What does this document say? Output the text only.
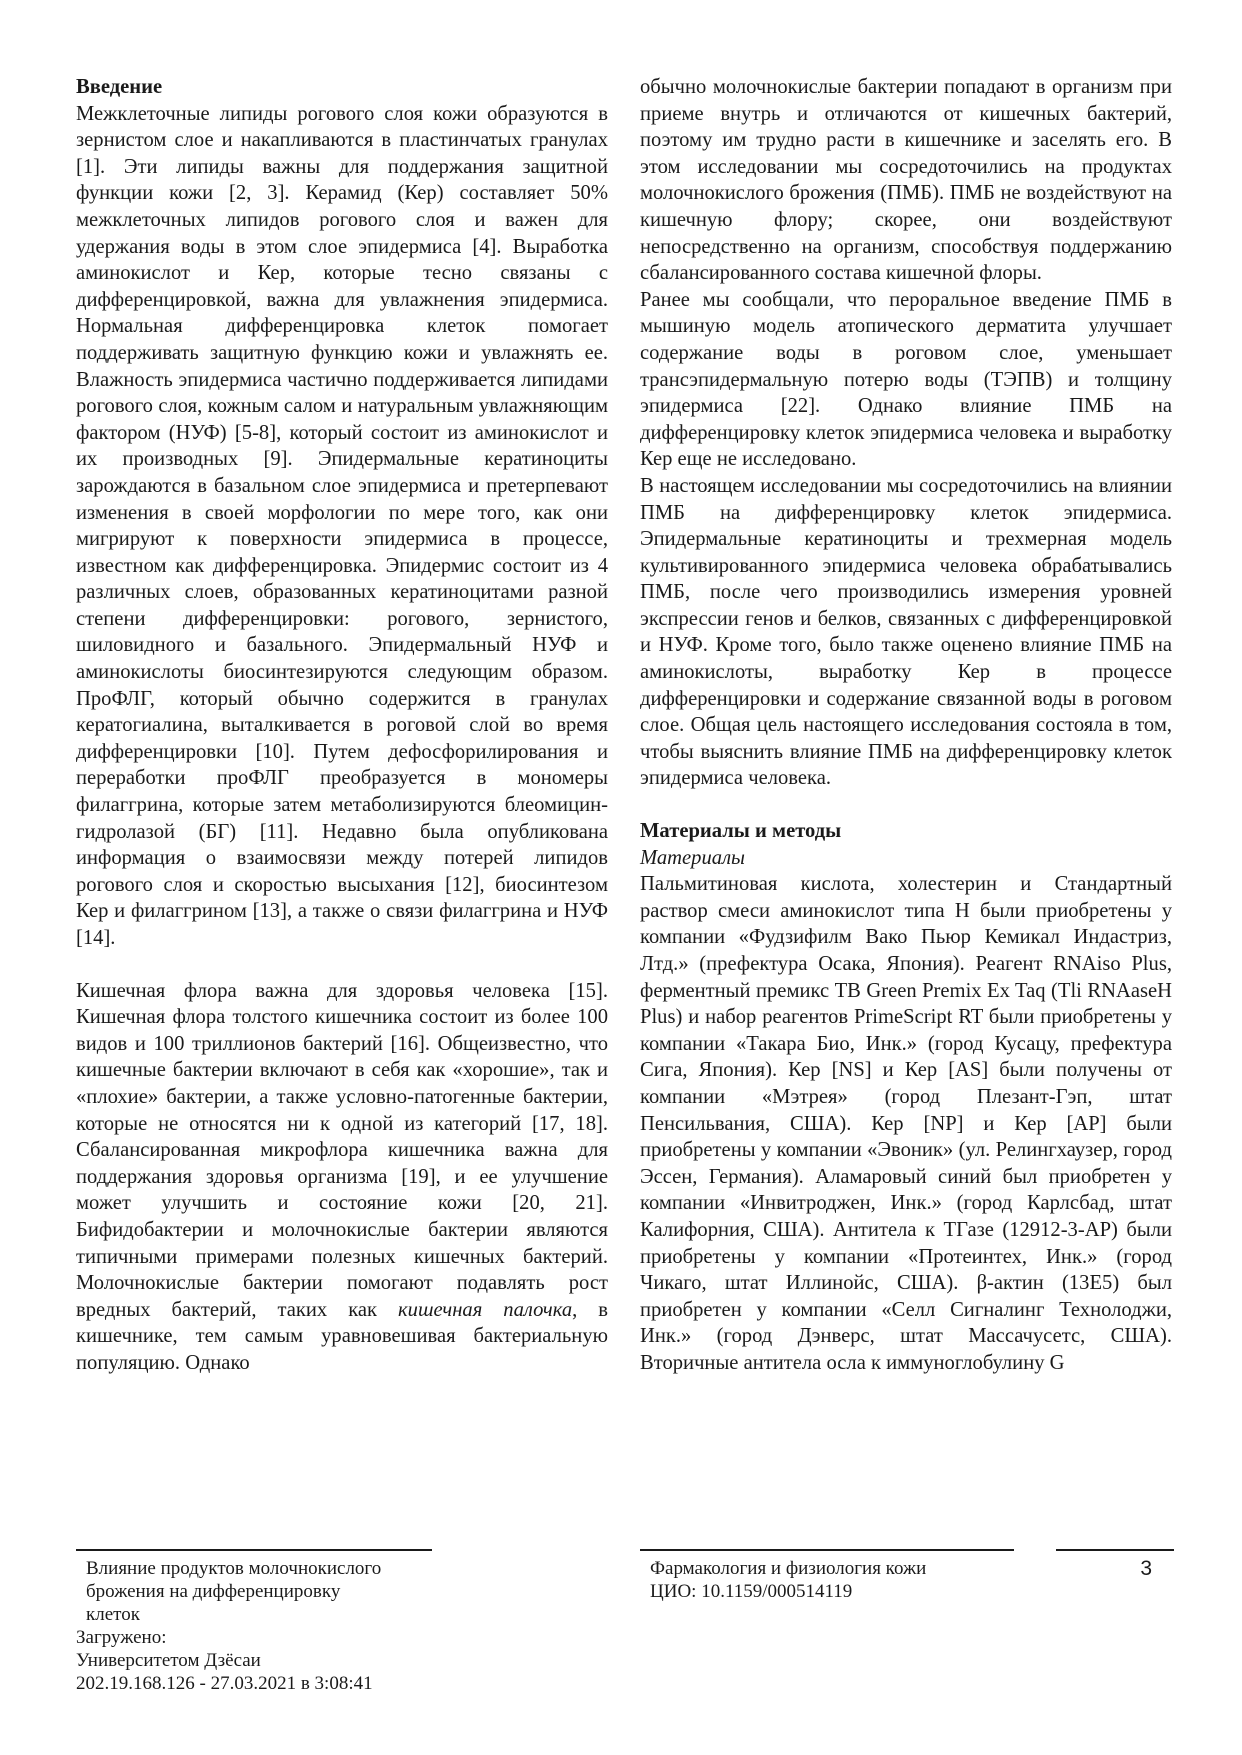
Введение

Межклеточные липиды рогового слоя кожи образуются в зернистом слое и накапливаются в пластинчатых гранулах [1]. Эти липиды важны для поддержания защитной функции кожи [2, 3]. Керамид (Кер) составляет 50% межклеточных липидов рогового слоя и важен для удержания воды в этом слое эпидермиса [4]. Выработка аминокислот и Кер, которые тесно связаны с дифференцировкой, важна для увлажнения эпидермиса. Нормальная дифференцировка клеток помогает поддерживать защитную функцию кожи и увлажнять ее. Влажность эпидермиса частично поддерживается липидами рогового слоя, кожным салом и натуральным увлажняющим фактором (НУФ) [5-8], который состоит из аминокислот и их производных [9]. Эпидермальные кератиноциты зарождаются в базальном слое эпидермиса и претерпевают изменения в своей морфологии по мере того, как они мигрируют к поверхности эпидермиса в процессе, известном как дифференцировка. Эпидермис состоит из 4 различных слоев, образованных кератиноцитами разной степени дифференцировки: рогового, зернистого, шиловидного и базального. Эпидермальный НУФ и аминокислоты биосинтезируются следующим образом. ПроФЛГ, который обычно содержится в гранулах кератогиалина, выталкивается в роговой слой во время дифференцировки [10]. Путем дефосфорилирования и переработки проФЛГ преобразуется в мономеры филаггрина, которые затем метаболизируются блеомицин-гидролазой (БГ) [11]. Недавно была опубликована информация о взаимосвязи между потерей липидов рогового слоя и скоростью высыхания [12], биосинтезом Кер и филаггрином [13], а также о связи филаггрина и НУФ [14].

Кишечная флора важна для здоровья человека [15]. Кишечная флора толстого кишечника состоит из более 100 видов и 100 триллионов бактерий [16]. Общеизвестно, что кишечные бактерии включают в себя как «хорошие», так и «плохие» бактерии, а также условно-патогенные бактерии, которые не относятся ни к одной из категорий [17, 18]. Сбалансированная микрофлора кишечника важна для поддержания здоровья организма [19], и ее улучшение может улучшить и состояние кожи [20, 21]. Бифидобактерии и молочнокислые бактерии являются типичными примерами полезных кишечных бактерий. Молочнокислые бактерии помогают подавлять рост вредных бактерий, таких как кишечная палочка, в кишечнике, тем самым уравновешивая бактериальную популяцию. Однако

обычно молочнокислые бактерии попадают в организм при приеме внутрь и отличаются от кишечных бактерий, поэтому им трудно расти в кишечнике и заселять его. В этом исследовании мы сосредоточились на продуктах молочнокислого брожения (ПМБ). ПМБ не воздействуют на кишечную флору; скорее, они воздействуют непосредственно на организм, способствуя поддержанию сбалансированного состава кишечной флоры.

Ранее мы сообщали, что пероральное введение ПМБ в мышиную модель атопического дерматита улучшает содержание воды в роговом слое, уменьшает трансэпидермальную потерю воды (ТЭПВ) и толщину эпидермиса [22]. Однако влияние ПМБ на дифференцировку клеток эпидермиса человека и выработку Кер еще не исследовано.

В настоящем исследовании мы сосредоточились на влиянии ПМБ на дифференцировку клеток эпидермиса. Эпидермальные кератиноциты и трехмерная модель культивированного эпидермиса человека обрабатывались ПМБ, после чего производились измерения уровней экспрессии генов и белков, связанных с дифференцировкой и НУФ. Кроме того, было также оценено влияние ПМБ на аминокислоты, выработку Кер в процессе дифференцировки и содержание связанной воды в роговом слое. Общая цель настоящего исследования состояла в том, чтобы выяснить влияние ПМБ на дифференцировку клеток эпидермиса человека.

Материалы и методы
Материалы

Пальмитиновая кислота, холестерин и Стандартный раствор смеси аминокислот типа Н были приобретены у компании «Фудзифилм Вако Пьюр Кемикал Индастриз, Лтд.» (префектура Осака, Япония). Реагент RNAiso Plus, ферментный премикс TB Green Premix Ex Taq (Tli RNAaseH Plus) и набор реагентов PrimeScript RT были приобретены у компании «Такара Био, Инк.» (город Кусацу, префектура Сига, Япония). Кер [NS] и Кер [AS] были получены от компании «Мэтрея» (город Плезант-Гэп, штат Пенсильвания, США). Кер [NP] и Кер [AP] были приобретены у компании «Эвоник» (ул. Релингхаузер, город Эссен, Германия). Аламаровый синий был приобретен у компании «Инвитроджен, Инк.» (город Карлсбад, штат Калифорния, США). Антитела к ТГазе (12912-3-AP) были приобретены у компании «Протеинтех, Инк.» (город Чикаго, штат Иллинойс, США). β-актин (13E5) был приобретен у компании «Селл Сигналинг Технолоджи, Инк.» (город Дэнверс, штат Массачусетс, США). Вторичные антитела осла к иммуноглобулину G

Влияние продуктов молочнокислого
брожения на дифференцировку
клеток
Загружено:
Университетом Дзёсаи
202.19.168.126 - 27.03.2021 в 3:08:41
Фармакология и физиология кожи
ЦИО: 10.1159/000514119
3
